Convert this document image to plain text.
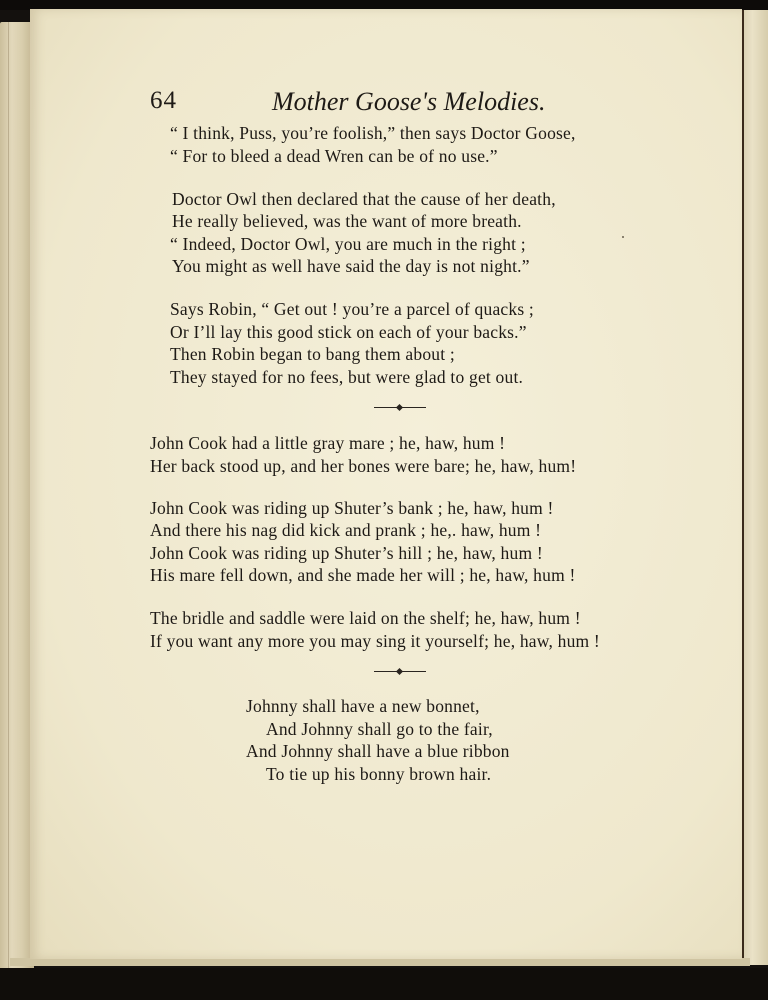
64	Mother Goose's Melodies.
“ I think, Puss, you’re foolish,” then says Doctor Goose,
“ For to bleed a dead Wren can be of no use.”
Doctor Owl then declared that the cause of her death,
He really believed, was the want of more breath.
“ Indeed, Doctor Owl, you are much in the right ;
You might as well have said the day is not night.”
Says Robin, “ Get out ! you’re a parcel of quacks ;
Or I’ll lay this good stick on each of your backs.”
Then Robin began to bang them about ;
They stayed for no fees, but were glad to get out.
John Cook had a little gray mare ; he, haw, hum !
Her back stood up, and her bones were bare; he, haw, hum!
John Cook was riding up Shuter’s bank ; he, haw, hum !
And there his nag did kick and prank ; he,. haw, hum !
John Cook was riding up Shuter’s hill ; he, haw, hum !
His mare fell down, and she made her will ; he, haw, hum !
The bridle and saddle were laid on the shelf; he, haw, hum !
If you want any more you may sing it yourself; he, haw, hum !
Johnny shall have a new bonnet,
And Johnny shall go to the fair,
And Johnny shall have a blue ribbon
To tie up his bonny brown hair.
